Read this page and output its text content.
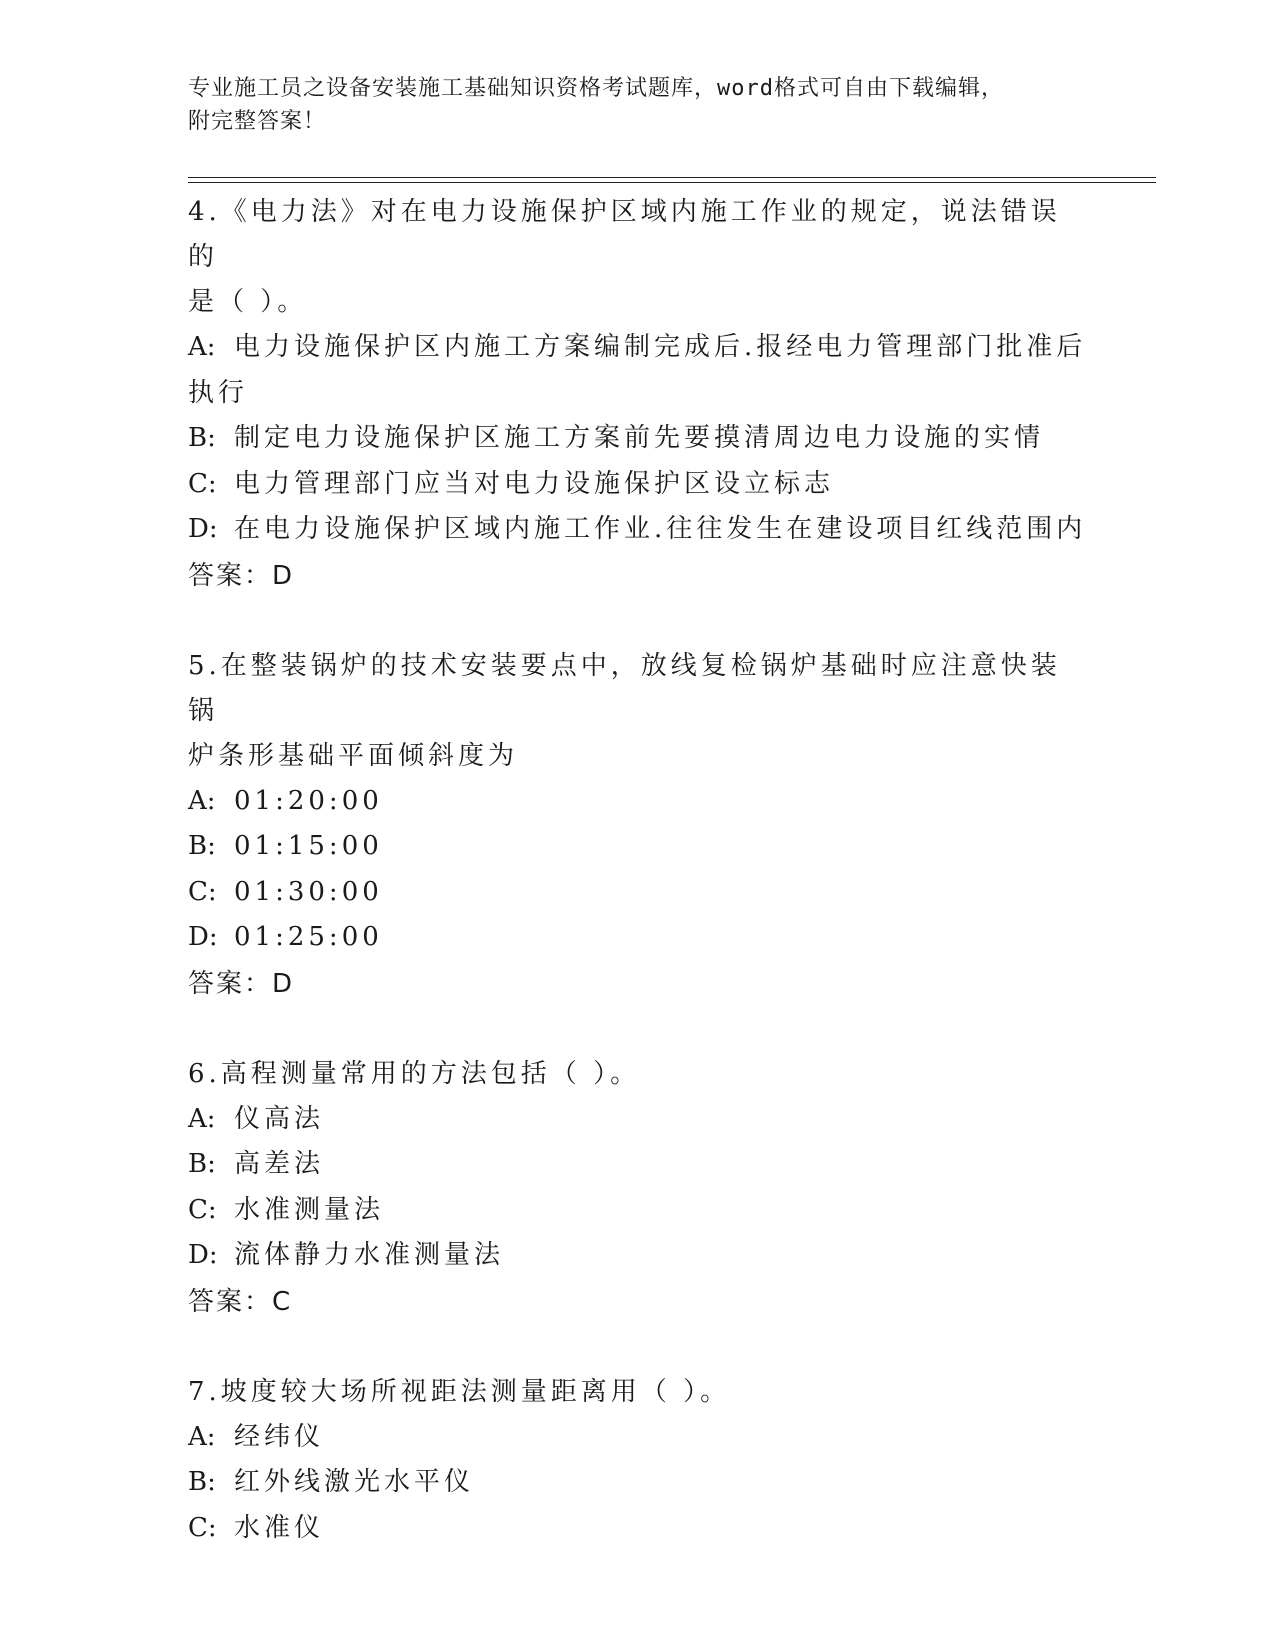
专业施工员之设备安装施工基础知识资格考试题库，word格式可自由下载编辑，
附完整答案！
4.《电力法》对在电力设施保护区域内施工作业的规定，说法错误的
是（ ）。
A: 电力设施保护区内施工方案编制完成后.报经电力管理部门批准后
执行
B: 制定电力设施保护区施工方案前先要摸清周边电力设施的实情
C: 电力管理部门应当对电力设施保护区设立标志
D: 在电力设施保护区域内施工作业.往往发生在建设项目红线范围内
答案：D
5.在整装锅炉的技术安装要点中，放线复检锅炉基础时应注意快装锅
炉条形基础平面倾斜度为
A: 01:20:00
B: 01:15:00
C: 01:30:00
D: 01:25:00
答案：D
6.高程测量常用的方法包括（ ）。
A: 仪高法
B: 高差法
C: 水准测量法
D: 流体静力水准测量法
答案：C
7.坡度较大场所视距法测量距离用（ ）。
A: 经纬仪
B: 红外线激光水平仪
C: 水准仪
